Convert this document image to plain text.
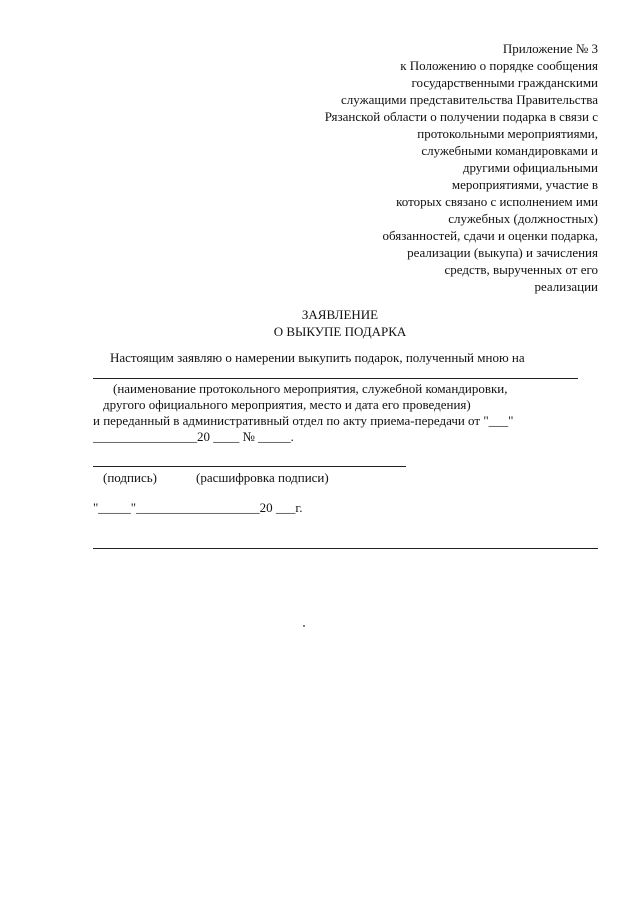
Приложение № 3
к Положению о порядке сообщения
государственными гражданскими
служащими представительства Правительства
Рязанской области о получении подарка в связи с
протокольными мероприятиями,
служебными командировками и
другими официальными
мероприятиями, участие в
которых связано с исполнением ими
служебных (должностных)
обязанностей, сдачи и оценки подарка,
реализации (выкупа) и зачисления
средств, вырученных от его
реализации
ЗАЯВЛЕНИЕ
О ВЫКУПЕ ПОДАРКА
Настоящим заявляю о намерении выкупить подарок, полученный мною на
(наименование протокольного мероприятия, служебной командировки,
другого официального мероприятия, место и дата его проведения)
и переданный в административный отдел по акту приема-передачи от "___"
________________20 ____ № _____.
(подпись)	(расшифровка подписи)
"_____"___________________20 ___г.
